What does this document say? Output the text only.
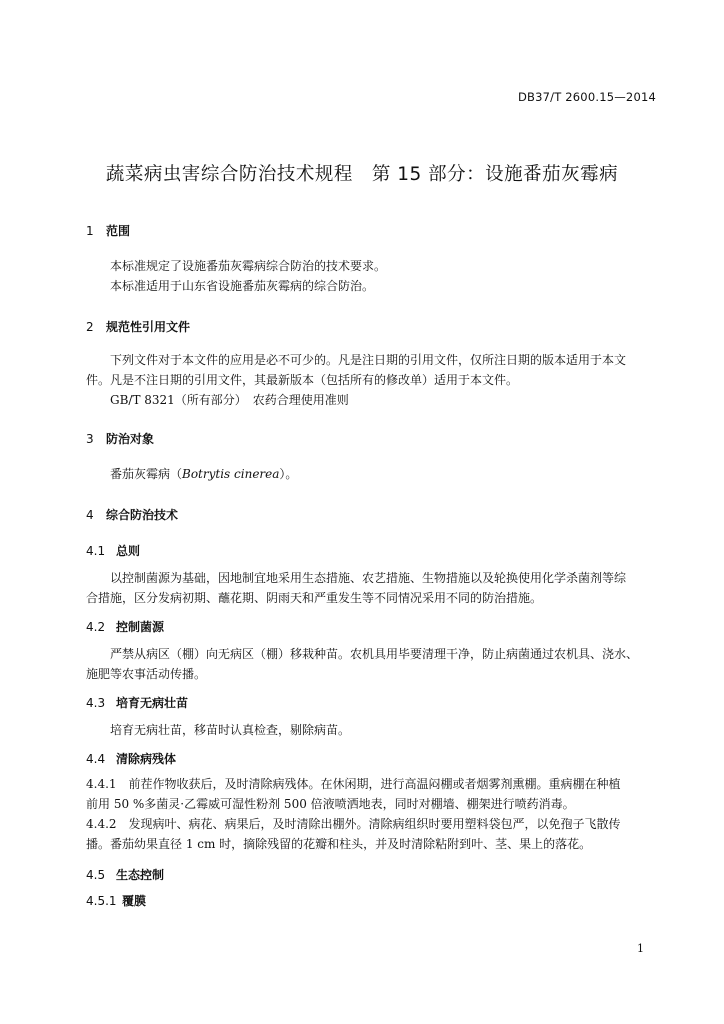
DB37/T 2600.15—2014
蔬菜病虫害综合防治技术规程　第 15 部分：设施番茄灰霉病
1 范围
本标准规定了设施番茄灰霉病综合防治的技术要求。
本标准适用于山东省设施番茄灰霉病的综合防治。
2 规范性引用文件
下列文件对于本文件的应用是必不可少的。凡是注日期的引用文件，仅所注日期的版本适用于本文
件。凡是不注日期的引用文件，其最新版本（包括所有的修改单）适用于本文件。
GB/T 8321（所有部分）　农药合理使用准则
3 防治对象
番茄灰霉病（Botrytis cinerea）。
4 综合防治技术
4.1 总则
以控制菌源为基础，因地制宜地采用生态措施、农艺措施、生物措施以及轮换使用化学杀菌剂等综
合措施，区分发病初期、蘸花期、阴雨天和严重发生等不同情况采用不同的防治措施。
4.2 控制菌源
严禁从病区（棚）向无病区（棚）移栽种苗。农机具用毕要清理干净，防止病菌通过农机具、浇水、
施肥等农事活动传播。
4.3 培育无病壮苗
培育无病壮苗，移苗时认真检查，剔除病苗。
4.4 清除病残体
4.4.1　前茬作物收获后，及时清除病残体。在休闲期，进行高温闷棚或者烟雾剂熏棚。重病棚在种植
前用 50 %多菌灵·乙霉威可湿性粉剂 500 倍液喷洒地表，同时对棚墙、棚架进行喷药消毒。
4.4.2　发现病叶、病花、病果后，及时清除出棚外。清除病组织时要用塑料袋包严，以免孢子飞散传
播。番茄幼果直径 1 cm 时，摘除残留的花瓣和柱头，并及时清除粘附到叶、茎、果上的落花。
4.5 生态控制
4.5.1 覆膜
1
